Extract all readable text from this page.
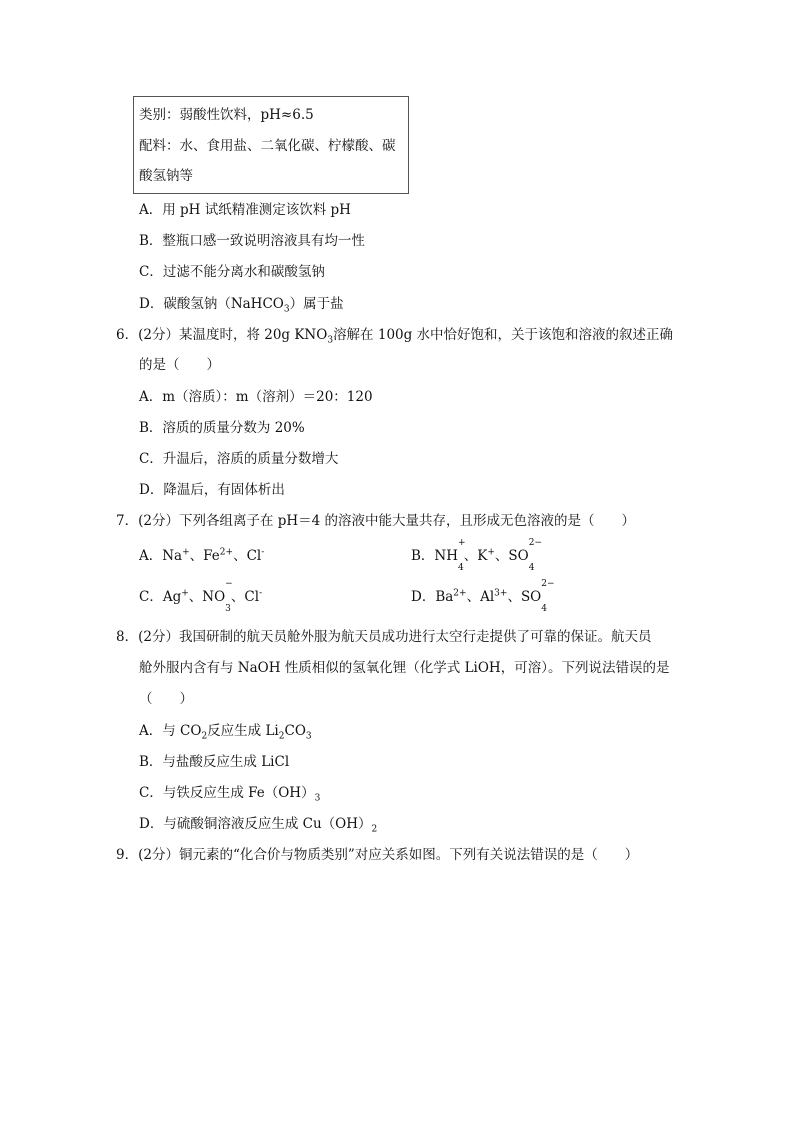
类别：弱酸性饮料，pH≈6.5
配料：水、食用盐、二氧化碳、柠檬酸、碳
酸氢钠等
A．用 pH 试纸精准测定该饮料 pH
B．整瓶口感一致说明溶液具有均一性
C．过滤不能分离水和碳酸氢钠
D．碳酸氢钠（NaHCO$_3$）属于盐
6．(2分）某温度时，将 20g $KNO_3$溶解在 100g 水中恰好饱和，关于该饱和溶液的叙述正确
的是（　　）
A．m（溶质）：m（溶剂）＝20：120
B．溶质的质量分数为 20%
C．升温后，溶质的质量分数增大
D．降温后，有固体析出
7．(2分）下列各组离子在 pH＝4 的溶液中能大量共存，且形成无色溶液的是（　　）
A．Na+、$Fe^{2+}$、Cl-	B．NH
+
$_4$、K+、SO
2−
$_4$
C．Ag+、NO
−
$_3$、Cl-	D．$Ba^{2+}$、$Al^{3+}$、SO
2−
$_4$
8．(2分）我国研制的航天员舱外服为航天员成功进行太空行走提供了可靠的保证。航天员
舱外服内含有与 NaOH 性质相似的氢氧化锂（化学式 LiOH，可溶）。下列说法错误的是
（　　）
A．与 $CO_2$反应生成 $Li_2CO_3$
B．与盐酸反应生成 LiCl
C．与铁反应生成 $Fe(OH)_3$
D．与硫酸铜溶液反应生成 $Cu(OH)_2$
9．(2分）铜元素的“化合价与物质类别”对应关系如图。下列有关说法错误的是（　　）
